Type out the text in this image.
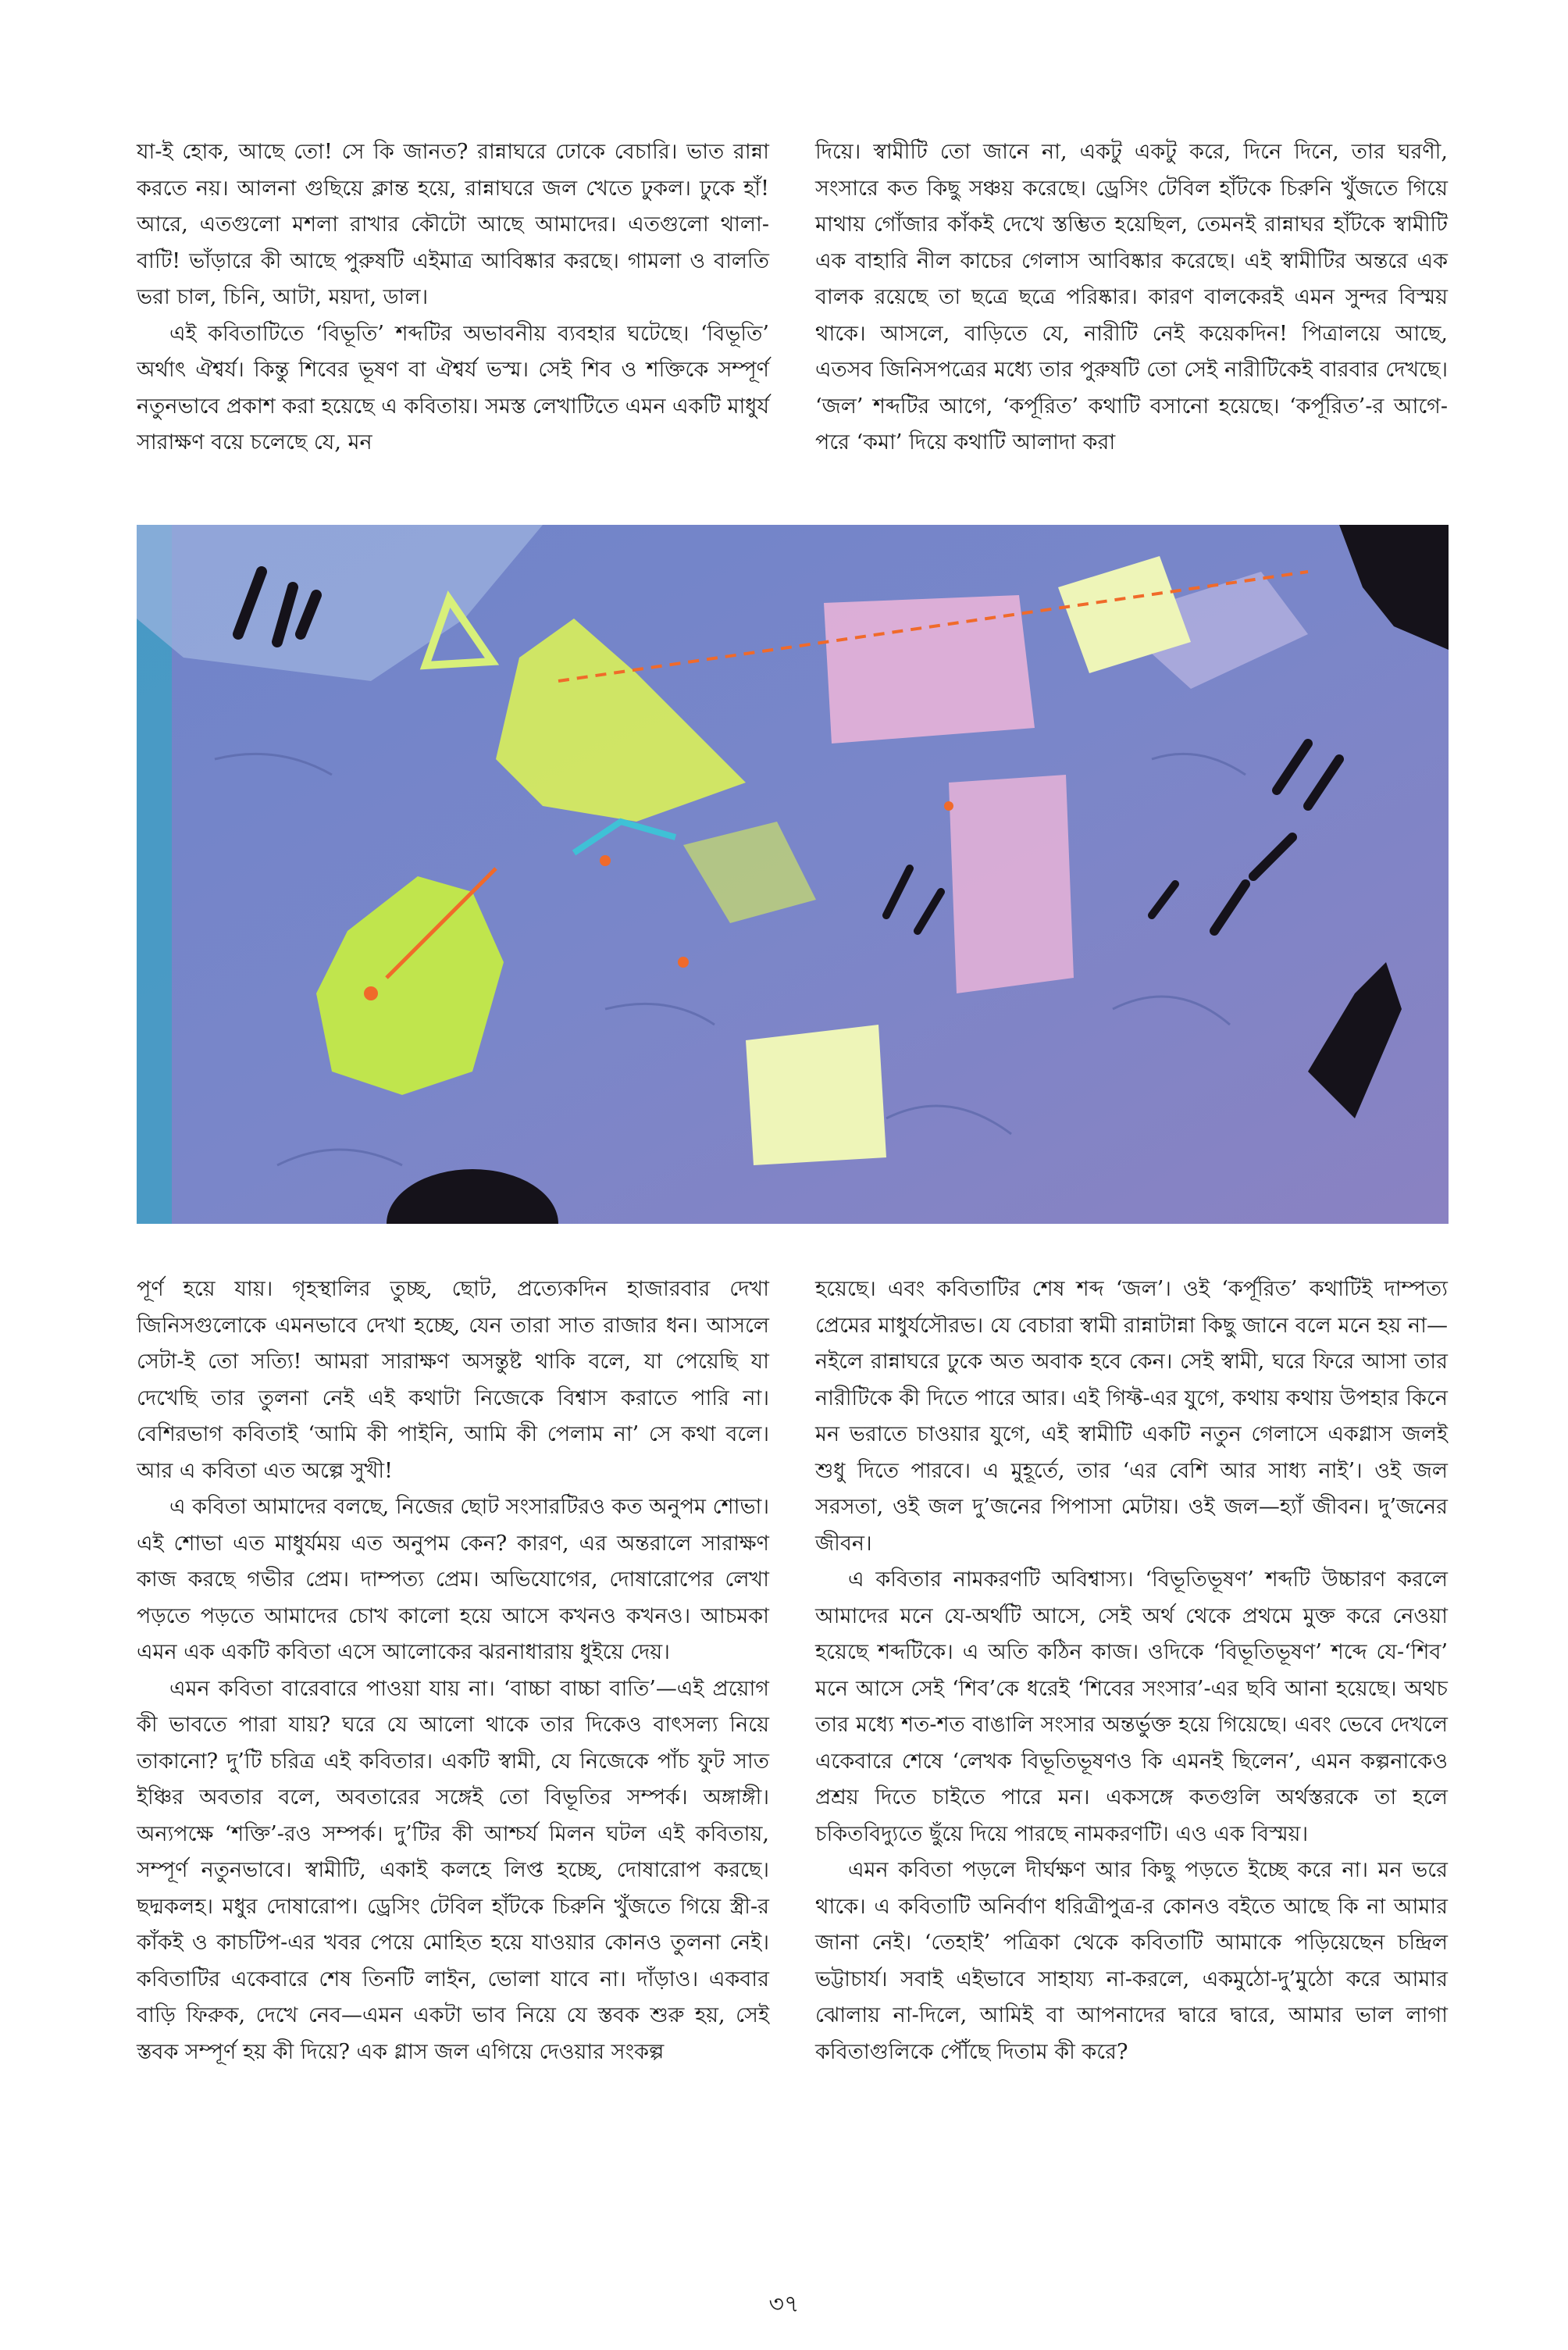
যা-ই হোক, আছে তো! সে কি জানত? রান্নাঘরে ঢোকে বেচারি। ভাত রান্না করতে নয়। আলনা গুছিয়ে ক্লান্ত হয়ে, রান্নাঘরে জল খেতে ঢুকল। ঢুকে হাঁ! আরে, এতগুলো মশলা রাখার কৌটো আছে আমাদের। এতগুলো থালা-বাটি! ভাঁড়ারে কী আছে পুরুষটি এইমাত্র আবিষ্কার করছে। গামলা ও বালতি ভরা চাল, চিনি, আটা, ময়দা, ডাল।

এই কবিতাটিতে ‘বিভূতি’ শব্দটির অভাবনীয় ব্যবহার ঘটেছে। ‘বিভূতি’ অর্থাৎ ঐশ্বর্য। কিন্তু শিবের ভূষণ বা ঐশ্বর্য ভস্ম। সেই শিব ও শক্তিকে সম্পূর্ণ নতুনভাবে প্রকাশ করা হয়েছে এ কবিতায়। সমস্ত লেখাটিতে এমন একটি মাধুর্য সারাক্ষণ বয়ে চলেছে যে, মন

দিয়ে। স্বামীটি তো জানে না, একটু একটু করে, দিনে দিনে, তার ঘরণী, সংসারে কত কিছু সঞ্চয় করেছে। ড্রেসিং টেবিল হাঁটকে চিরুনি খুঁজতে গিয়ে মাথায় গোঁজার কাঁকই দেখে স্তম্ভিত হয়েছিল, তেমনই রান্নাঘর হাঁটকে স্বামীটি এক বাহারি নীল কাচের গেলাস আবিষ্কার করেছে। এই স্বামীটির অন্তরে এক বালক রয়েছে তা ছত্রে ছত্রে পরিষ্কার। কারণ বালকেরই এমন সুন্দর বিস্ময় থাকে। আসলে, বাড়িতে যে, নারীটি নেই কয়েকদিন! পিত্রালয়ে আছে, এতসব জিনিসপত্রের মধ্যে তার পুরুষটি তো সেই নারীটিকেই বারবার দেখছে। ‘জল’ শব্দটির আগে, ‘কর্পূরিত’ কথাটি বসানো হয়েছে। ‘কর্পূরিত’-র আগে-পরে ‘কমা’ দিয়ে কথাটি আলাদা করা

পূর্ণ হয়ে যায়। গৃহস্থালির তুচ্ছ, ছোট, প্রত্যেকদিন হাজারবার দেখা জিনিসগুলোকে এমনভাবে দেখা হচ্ছে, যেন তারা সাত রাজার ধন। আসলে সেটা-ই তো সত্যি! আমরা সারাক্ষণ অসন্তুষ্ট থাকি বলে, যা পেয়েছি যা দেখেছি তার তুলনা নেই এই কথাটা নিজেকে বিশ্বাস করাতে পারি না। বেশিরভাগ কবিতাই ‘আমি কী পাইনি, আমি কী পেলাম না’ সে কথা বলে। আর এ কবিতা এত অল্পে সুখী!

এ কবিতা আমাদের বলছে, নিজের ছোট সংসারটিরও কত অনুপম শোভা। এই শোভা এত মাধুর্যময় এত অনুপম কেন? কারণ, এর অন্তরালে সারাক্ষণ কাজ করছে গভীর প্রেম। দাম্পত্য প্রেম। অভিযোগের, দোষারোপের লেখা পড়তে পড়তে আমাদের চোখ কালো হয়ে আসে কখনও কখনও। আচমকা এমন এক একটি কবিতা এসে আলোকের ঝরনাধারায় ধুইয়ে দেয়।

এমন কবিতা বারেবারে পাওয়া যায় না। ‘বাচ্চা বাচ্চা বাতি’—এই প্রয়োগ কী ভাবতে পারা যায়? ঘরে যে আলো থাকে তার দিকেও বাৎসল্য নিয়ে তাকানো? দু’টি চরিত্র এই কবিতার। একটি স্বামী, যে নিজেকে পাঁচ ফুট সাত ইঞ্চির অবতার বলে, অবতারের সঙ্গেই তো বিভূতির সম্পর্ক। অঙ্গাঙ্গী। অন্যপক্ষে ‘শক্তি’-রও সম্পর্ক। দু’টির কী আশ্চর্য মিলন ঘটল এই কবিতায়, সম্পূর্ণ নতুনভাবে। স্বামীটি, একাই কলহে লিপ্ত হচ্ছে, দোষারোপ করছে। ছদ্মকলহ। মধুর দোষারোপ। ড্রেসিং টেবিল হাঁটকে চিরুনি খুঁজতে গিয়ে স্ত্রী-র কাঁকই ও কাচটিপ-এর খবর পেয়ে মোহিত হয়ে যাওয়ার কোনও তুলনা নেই। কবিতাটির একেবারে শেষ তিনটি লাইন, ভোলা যাবে না। দাঁড়াও। একবার বাড়ি ফিরুক, দেখে নেব—এমন একটা ভাব নিয়ে যে স্তবক শুরু হয়, সেই স্তবক সম্পূর্ণ হয় কী দিয়ে? এক গ্লাস জল এগিয়ে দেওয়ার সংকল্প

হয়েছে। এবং কবিতাটির শেষ শব্দ ‘জল’। ওই ‘কর্পূরিত’ কথাটিই দাম্পত্য প্রেমের মাধুর্যসৌরভ। যে বেচারা স্বামী রান্নাটান্না কিছু জানে বলে মনে হয় না—নইলে রান্নাঘরে ঢুকে অত অবাক হবে কেন। সেই স্বামী, ঘরে ফিরে আসা তার নারীটিকে কী দিতে পারে আর। এই গিফ্ট-এর যুগে, কথায় কথায় উপহার কিনে মন ভরাতে চাওয়ার যুগে, এই স্বামীটি একটি নতুন গেলাসে একগ্লাস জলই শুধু দিতে পারবে। এ মুহূর্তে, তার ‘এর বেশি আর সাধ্য নাই’। ওই জল সরসতা, ওই জল দু’জনের পিপাসা মেটায়। ওই জল—হ্যাঁ জীবন। দু’জনের জীবন।

এ কবিতার নামকরণটি অবিশ্বাস্য। ‘বিভূতিভূষণ’ শব্দটি উচ্চারণ করলে আমাদের মনে যে-অর্থটি আসে, সেই অর্থ থেকে প্রথমে মুক্ত করে নেওয়া হয়েছে শব্দটিকে। এ অতি কঠিন কাজ। ওদিকে ‘বিভূতিভূষণ’ শব্দে যে-‘শিব’ মনে আসে সেই ‘শিব’কে ধরেই ‘শিবের সংসার’-এর ছবি আনা হয়েছে। অথচ তার মধ্যে শত-শত বাঙালি সংসার অন্তর্ভুক্ত হয়ে গিয়েছে। এবং ভেবে দেখলে একেবারে শেষে ‘লেখক বিভূতিভূষণও কি এমনই ছিলেন’, এমন কল্পনাকেও প্রশ্রয় দিতে চাইতে পারে মন। একসঙ্গে কতগুলি অর্থস্তরকে তা হলে চকিতবিদ্যুতে ছুঁয়ে দিয়ে পারছে নামকরণটি। এও এক বিস্ময়।

এমন কবিতা পড়লে দীর্ঘক্ষণ আর কিছু পড়তে ইচ্ছে করে না। মন ভরে থাকে। এ কবিতাটি অনির্বাণ ধরিত্রীপুত্র-র কোনও বইতে আছে কি না আমার জানা নেই। ‘তেহাই’ পত্রিকা থেকে কবিতাটি আমাকে পড়িয়েছেন চন্দ্রিল ভট্টাচার্য। সবাই এইভাবে সাহায্য না-করলে, একমুঠো-দু’মুঠো করে আমার ঝোলায় না-দিলে, আমিই বা আপনাদের দ্বারে দ্বারে, আমার ভাল লাগা কবিতাগুলিকে পৌঁছে দিতাম কী করে?

৩৭
